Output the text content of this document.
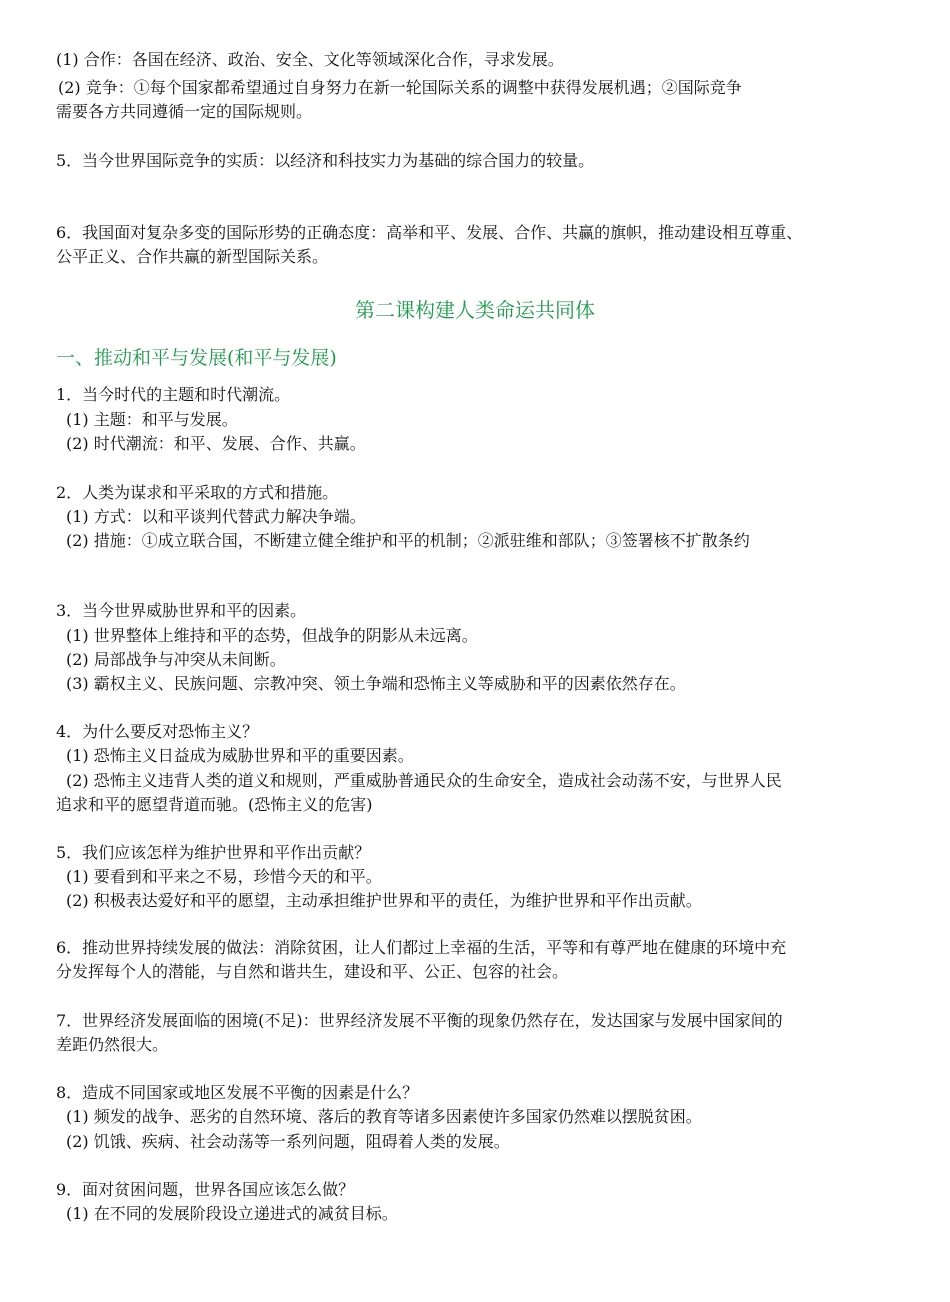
(1) 合作：各国在经济、政治、安全、文化等领域深化合作，寻求发展。
(2) 竞争：①每个国家都希望通过自身努力在新一轮国际关系的调整中获得发展机遇；②国际竞争
需要各方共同遵循一定的国际规则。
5．当今世界国际竞争的实质：以经济和科技实力为基础的综合国力的较量。
6．我国面对复杂多变的国际形势的正确态度：高举和平、发展、合作、共赢的旗帜，推动建设相互尊重、
公平正义、合作共赢的新型国际关系。
第二课构建人类命运共同体
一、推动和平与发展(和平与发展)
1．当今时代的主题和时代潮流。
(1) 主题：和平与发展。
(2) 时代潮流：和平、发展、合作、共赢。
2．人类为谋求和平采取的方式和措施。
(1) 方式：以和平谈判代替武力解决争端。
(2) 措施：①成立联合国，不断建立健全维护和平的机制；②派驻维和部队；③签署核不扩散条约
3．当今世界威胁世界和平的因素。
(1) 世界整体上维持和平的态势，但战争的阴影从未远离。
(2) 局部战争与冲突从未间断。
(3) 霸权主义、民族问题、宗教冲突、领土争端和恐怖主义等威胁和平的因素依然存在。
4．为什么要反对恐怖主义？
(1) 恐怖主义日益成为威胁世界和平的重要因素。
(2) 恐怖主义违背人类的道义和规则，严重威胁普通民众的生命安全，造成社会动荡不安，与世界人民
追求和平的愿望背道而驰。(恐怖主义的危害)
5．我们应该怎样为维护世界和平作出贡献？
(1) 要看到和平来之不易，珍惜今天的和平。
(2) 积极表达爱好和平的愿望，主动承担维护世界和平的责任，为维护世界和平作出贡献。
6．推动世界持续发展的做法：消除贫困，让人们都过上幸福的生活，平等和有尊严地在健康的环境中充
分发挥每个人的潜能，与自然和谐共生，建设和平、公正、包容的社会。
7．世界经济发展面临的困境(不足)：世界经济发展不平衡的现象仍然存在，发达国家与发展中国家间的
差距仍然很大。
8．造成不同国家或地区发展不平衡的因素是什么？
(1) 频发的战争、恶劣的自然环境、落后的教育等诸多因素使许多国家仍然难以摆脱贫困。
(2) 饥饿、疾病、社会动荡等一系列问题，阻碍着人类的发展。
9．面对贫困问题，世界各国应该怎么做？
(1) 在不同的发展阶段设立递进式的减贫目标。
